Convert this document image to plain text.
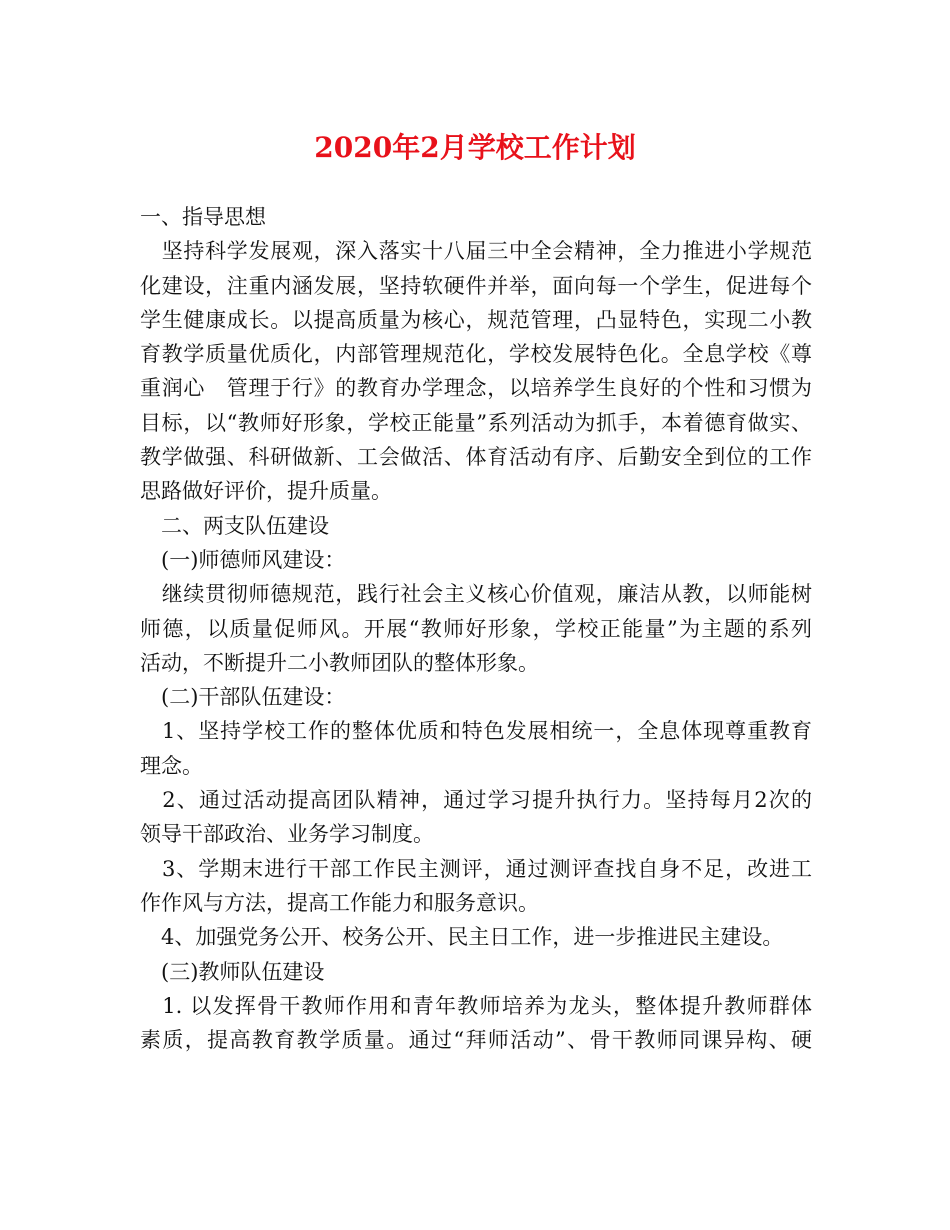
2020年2月学校工作计划
一、指导思想
　坚持科学发展观，深入落实十八届三中全会精神，全力推进小学规范
化建设，注重内涵发展，坚持软硬件并举，面向每一个学生，促进每个
学生健康成长。以提高质量为核心，规范管理，凸显特色，实现二小教
育教学质量优质化，内部管理规范化，学校发展特色化。全息学校《尊
重润心　管理于行》的教育办学理念，以培养学生良好的个性和习惯为
目标，以“教师好形象，学校正能量”系列活动为抓手，本着德育做实、
教学做强、科研做新、工会做活、体育活动有序、后勤安全到位的工作
思路做好评价，提升质量。
　二、两支队伍建设
　(一)师德师风建设：
　继续贯彻师德规范，践行社会主义核心价值观，廉洁从教，以师能树
师德，以质量促师风。开展“教师好形象，学校正能量”为主题的系列
活动，不断提升二小教师团队的整体形象。
　(二)干部队伍建设：
　1、坚持学校工作的整体优质和特色发展相统一，全息体现尊重教育
理念。
　2、通过活动提高团队精神，通过学习提升执行力。坚持每月2次的
领导干部政治、业务学习制度。
　3、学期末进行干部工作民主测评，通过测评查找自身不足，改进工
作作风与方法，提高工作能力和服务意识。
　4、加强党务公开、校务公开、民主日工作，进一步推进民主建设。
　(三)教师队伍建设
　1. 以发挥骨干教师作用和青年教师培养为龙头，整体提升教师群体
素质，提高教育教学质量。通过“拜师活动”、骨干教师同课异构、硬
